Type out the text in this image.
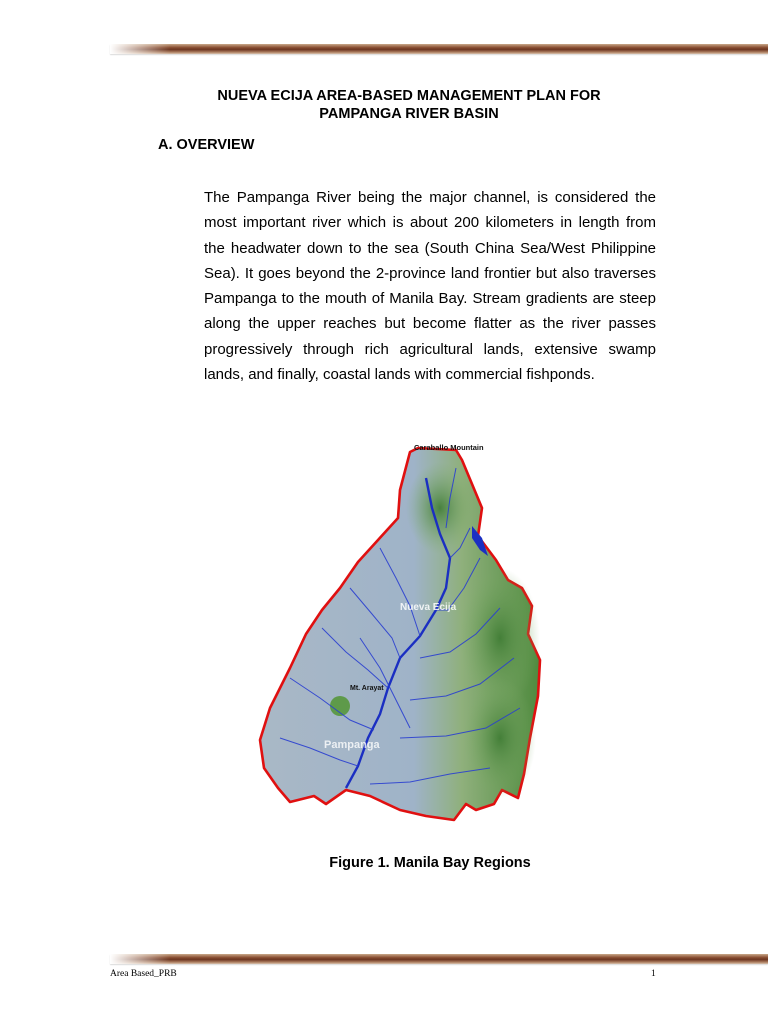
NUEVA ECIJA AREA-BASED MANAGEMENT PLAN FOR
PAMPANGA RIVER BASIN
A. OVERVIEW
The Pampanga River being the major channel, is considered the most important river which is about 200 kilometers in length from the headwater down to the sea (South China Sea/West Philippine Sea). It goes beyond the 2-province land frontier but also traverses Pampanga to the mouth of Manila Bay. Stream gradients are steep along the upper reaches but become flatter as the river passes progressively through rich agricultural lands, extensive swamp lands, and finally, coastal lands with commercial fishponds.
Caraballo Mountain
Mt. Arayat
Nueva Ecija
Pampanga
Figure 1. Manila Bay Regions
Area Based_PRB	1
